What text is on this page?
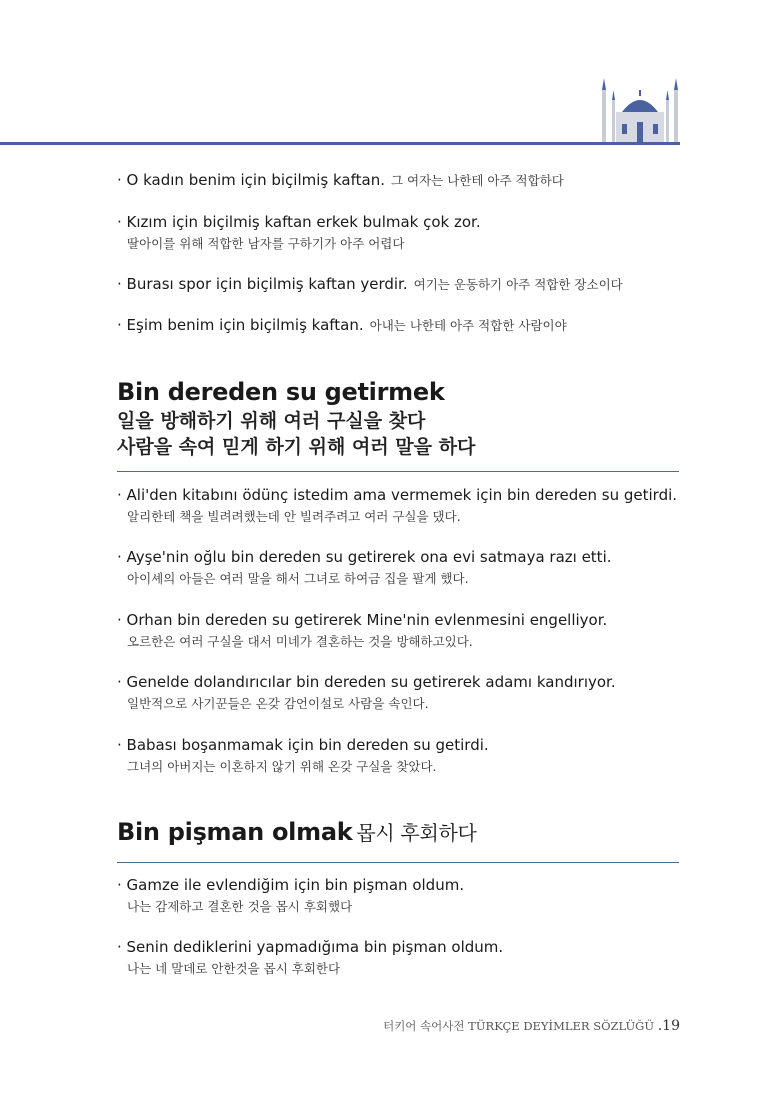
· O kadın benim için biçilmiş kaftan. 그 여자는 나한테 아주 적합하다
· Kızım için biçilmiş kaftan erkek bulmak çok zor.
딸아이를 위해 적합한 남자를 구하기가 아주 어렵다
· Burası spor için biçilmiş kaftan yerdir. 여기는 운동하기 아주 적합한 장소이다
· Eşim benim için biçilmiş kaftan. 아내는 나한테 아주 적합한 사람이야
Bin dereden su getirmek
일을 방해하기 위해 여러 구실을 찾다
사람을 속여 믿게 하기 위해 여러 말을 하다
· Ali'den kitabını ödünç istedim ama vermemek için bin dereden su getirdi.
알리한테 책을 빌려려했는데 안 빌려주려고 여러 구실을 댔다.
· Ayşe'nin oğlu bin dereden su getirerek ona evi satmaya razı etti.
아이셰의 아들은 여러 말을 해서 그녀로 하여금 집을 팔게 했다.
· Orhan bin dereden su getirerek Mine'nin evlenmesini engelliyor.
오르한은 여러 구실을 대서 미네가 결혼하는 것을 방해하고있다.
· Genelde dolandırıcılar bin dereden su getirerek adamı kandırıyor.
일반적으로 사기꾼들은 온갖 감언이설로 사람을 속인다.
· Babası boşanmamak için bin dereden su getirdi.
그녀의 아버지는 이혼하지 않기 위해 온갖 구실을 찾았다.
Bin pişman olmak 몹시 후회하다
· Gamze ile evlendiğim için bin pişman oldum.
나는 감제하고 결혼한 것을 몹시 후회했다
· Senin dediklerini yapmadığıma bin pişman oldum.
나는 네 말데로 안한것을 몹시 후회한다
터키어 속어사전 TÜRKÇE DEYİMLER SÖZLÜĞÜ .19
